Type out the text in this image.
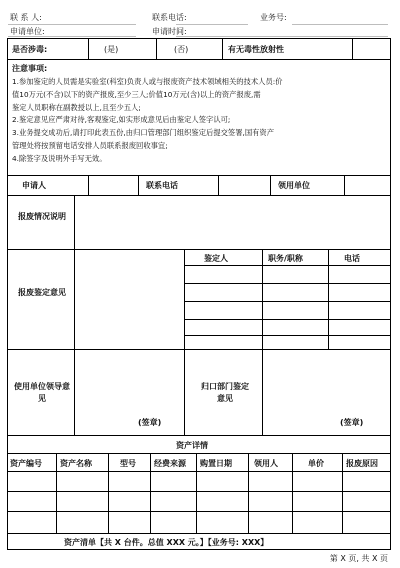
联 系 人:	联系电话:	业务号:
申请单位:	申请时间:
是否涉毒:	(是)	(否)	有无毒性放射性
注意事项:
1.参加鉴定的人员需是实验室(科室)负责人或与报废资产技术领域相关的技术人员:价
值10万元(不含)以下的资产报废,至少三人;价值10万元(含)以上的资产报废,需
鉴定人员职称在副教授以上,且至少五人;
2.鉴定意见应严肃对待,客观鉴定,如实形成意见后由鉴定人签字认可;
3.业务提交成功后,请打印此表五份,由归口管理部门组织鉴定后提交签署,国有资产
管理处将按预留电话安排人员联系报废回收事宜;
4.除签字及说明外手写无效。
申请人	联系电话	领用单位
报废情况说明
报废鉴定意见
鉴定人	职务/职称	电话
使用单位领导意见
归口部门鉴定意见
(签章)	(签章)
资产详情
资产编号 资产名称	型号 经费来源 购置日期	领用人	单价	报废原因
资产清单【共 X 台件。总值 XXX 元。】【业务号: XXX】
第 X 页, 共 X 页
